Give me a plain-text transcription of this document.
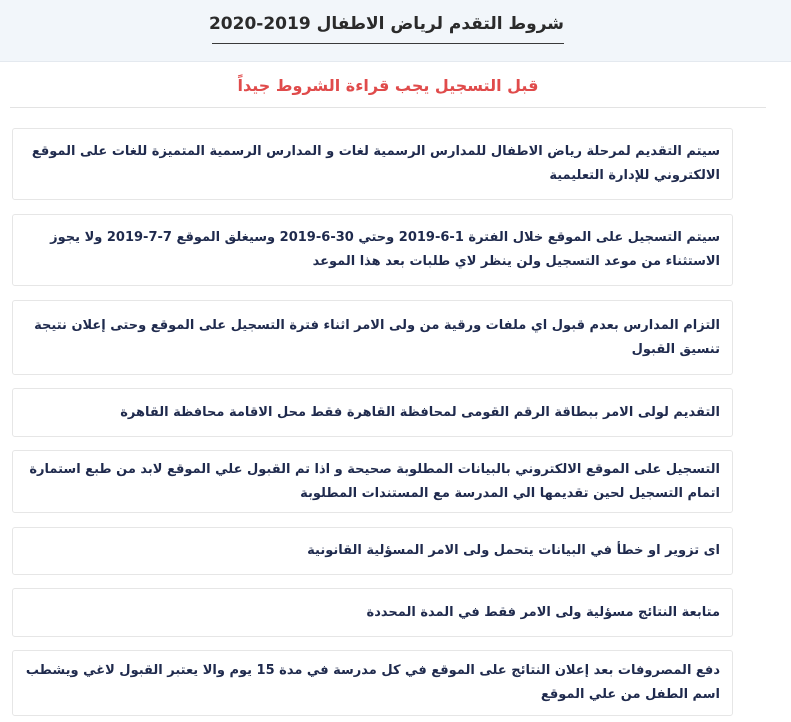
شروط التقدم لرياض الاطفال 2019-2020
قبل التسجيل يجب قراءة الشروط جيداً
سيتم التقديم لمرحلة رياض الاطفال للمدارس الرسمية لغات و المدارس الرسمية المتميزة للغات على الموقع الالكتروني للإدارة التعليمية
سيتم التسجيل على الموقع خلال الفترة 1-6-2019 وحتي 30-6-2019 وسيغلق الموقع 7-7-2019 ولا يجوز الاستثناء من موعد التسجيل ولن ينظر لاي طلبات بعد هذا الموعد
التزام المدارس بعدم قبول اي ملفات ورقية من ولى الامر اثناء فترة التسجيل على الموقع وحتى إعلان نتيجة تنسيق القبول
التقديم لولى الامر ببطاقة الرقم القومى لمحافظة القاهرة فقط محل الاقامة محافظة القاهرة
التسجيل على الموقع الالكتروني بالبيانات المطلوبة صحيحة و اذا تم القبول علي الموقع لابد من طبع استمارة اتمام التسجيل لحين تقديمها الي المدرسة مع المستندات المطلوبة
اى تزوير او خطأ في البيانات يتحمل ولى الامر المسؤلية القانونية
متابعة النتائج مسؤلية ولى الامر فقط في المدة المحددة
دفع المصروفات بعد إعلان النتائج على الموقع في كل مدرسة في مدة 15 يوم والا يعتبر القبول لاغي ويشطب اسم الطفل من علي الموقع
